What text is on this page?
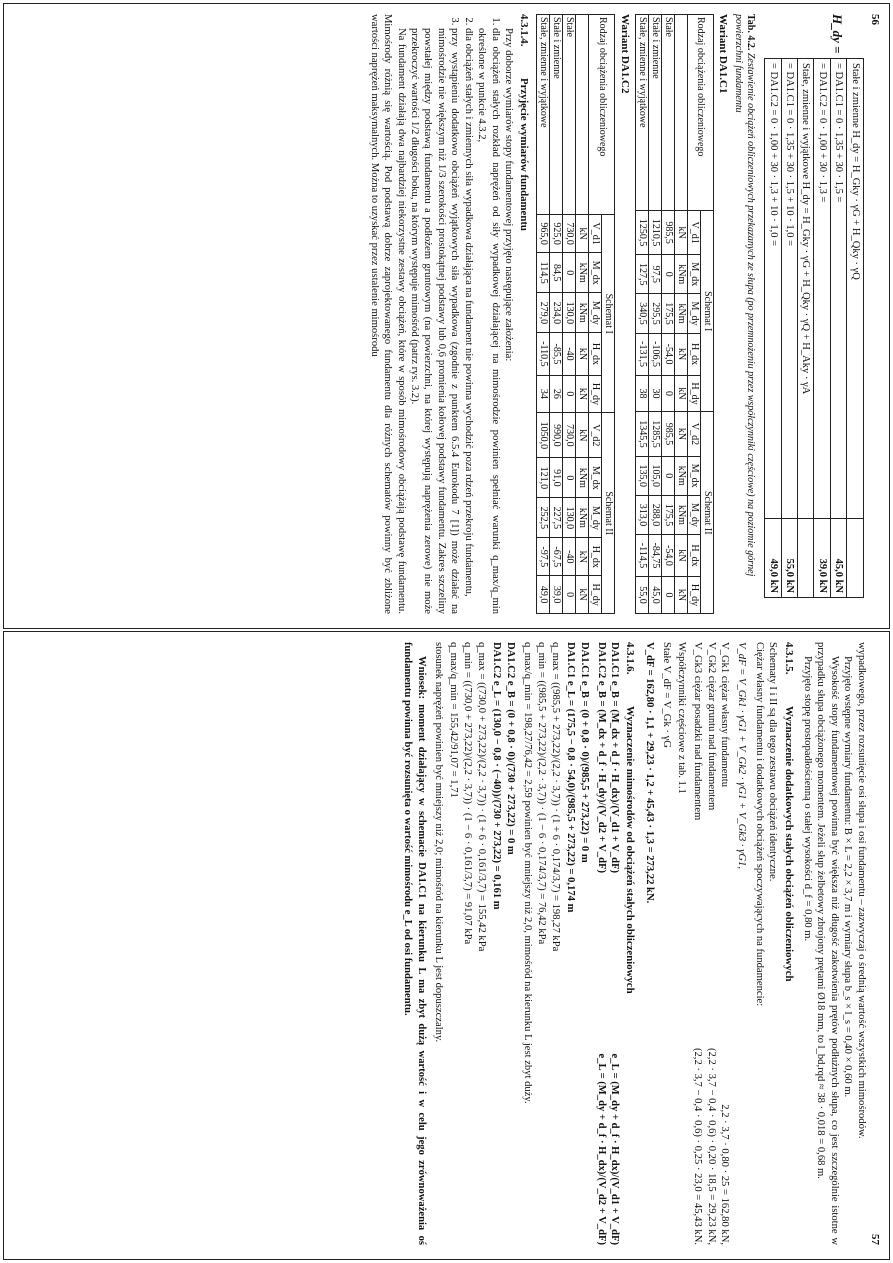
56
H_dy =
Stałe i zmienne H_dy = H_Gky · γG + H_Qky · γQ	
= DA1.C1 = 0 · 1,35 + 30 · 1,5 =	45,0 kN
= DA1.C2 = 0 · 1,00 + 30 · 1,3 =	39,0 kN
Stałe, zmienne i wyjątkowe H_dy = H_Gky · γG + H_Qky · γQ + H_Aky · γA	
= DA1.C1 = 0 · 1,35 + 30 · 1,5 + 10 · 1,0 =	55,0 kN
= DA1.C2 = 0 · 1,00 + 30 · 1,3 + 10 · 1,0 =	49,0 kN
Tab. 4.2. Zestawienie obciążeń obliczeniowych przekazanych ze słupa (po przemnożeniu przez współczynniki częściowe) na poziomie górnej powierzchni fundamentu
Wariant DA1.C1
Rodzaj obciążenia obliczeniowego	Schemat I					Schemat II				
	V_d1	M_dx	M_dy	H_dx	H_dy	V_d2	M_dx	M_dy	H_dx	H_dy
	kN	kNm	kNm	kN	kN	kN	kNm	kNm	kN	kN
Stałe	985,5	0	175,5	-54,0	0	985,5	0	175,5	-54,0	0
Stałe i zmienne	1210,5	97,5	295,5	-106,5	30	1285,5	105,0	288,0	-84,75	45,0
Stałe, zmienne i wyjątkowe	1250,5	127,5	340,5	-131,5	38	1345,5	135,0	313,0	-114,5	55,0
Wariant DA1.C2
Rodzaj obciążenia obliczeniowego	Schemat I					Schemat II				
	V_d1	M_dx	M_dy	H_dx	H_dy	V_d2	M_dx	M_dy	H_dx	H_dy
	kN	kNm	kNm	kN	kN	kN	kNm	kNm	kN	kN
Stałe	730,0	0	130,0	-40	0	730,0	0	130,0	-40	0
Stałe i zmienne	925,0	84,5	234,0	-85,5	26	990,0	91,0	227,5	-67,5	39,0
Stałe, zmienne i wyjątkowe	965,0	114,5	279,0	-110,5	34	1050,0	121,0	252,5	-97,5	49,0
4.3.1.4.Przyjęcie wymiarów fundamentu

Przy doborze wymiarów stopy fundamentowej przyjęto następujące założenia:

1. dla obciążeń stałych rozkład naprężeń od siły wypadkowej działającej na mimośrodzie powinien spełniać warunki q_max/q_min określone w punkcie 4.3.2,
2. dla obciążeń stałych i zmiennych siła wypadkowa działająca na fundament nie powinna wychodzić poza rdzeń przekroju fundamentu,
3. przy wystąpieniu dodatkowo obciążeń wyjątkowych siła wypadkowa (zgodnie z punktem 6.5.4 Eurokodu 7 [1]) może działać na mimośrodzie nie większym niż 1/3 szerokości prostokątnej podstawy lub 0,6 promienia kołowej podstawy fundamentu. Zakres szczeliny powstałej między podstawą fundamentu a podłożem gruntowym (na powierzchni, na której występują naprężenia zerowe) nie może przekroczyć wartości 1/2 długości boku, na którym występuje mimośród (patrz rys. 3.2).

Na fundament działają dwa najbardziej niekorzystne zestawy obciążeń, które w sposób mimośrodowy obciążają podstawę fundamentu. Mimośrody różnią się wartością. Pod podstawą dobrze zaprojektowanego fundamentu dla różnych schematów powinny być zbliżone wartości naprężeń maksymalnych. Można to uzyskać przez ustalenie mimośrodu

57

wypadkowego, przez rozsunięcie osi słupa i osi fundamentu – zazwyczaj o średnią wartość wszystkich mimośrodów.

Przyjęto wstępne wymiary fundamentu: B × L = 2,2 × 3,7 m i wymiary słupa b_s × l_s = 0,40 × 0,60 m.

Wysokość stopy fundamentowej powinna być większa niż długość zakotwienia prętów podłużnych słupa, co jest szczególnie istotne w przypadku słupa obciążonego momentem. Jeżeli słup żelbetowy zbrojony prętami Ø18 mm, to l_bd,rqd ≈ 38 · 0,018 = 0,68 m.

Przyjęto stopę prostopadłościenną o stałej wysokości d_f = 0,80 m.

4.3.1.5.Wyznaczenie dodatkowych stałych obciążeń obliczeniowych

Schematy I i II są dla tego zestawu obciążeń identyczne.

Ciężar własny fundamentu i dodatkowych obciążeń spoczywających na fundamencie:

V_dF = V_Gk1 · γG1 + V_Gk2 · γG1 + V_Gk3 · γG1,

V_Gk1 ciężar własny fundamentu
2,2 · 3,7 · 0,80 · 25 = 162,80 kN,
V_Gk2 ciężar gruntu nad fundamentem
(2,2 · 3,7 − 0,4 · 0,6) · 0,20 · 18,5 = 29,23 kN,
V_Gk3 ciężar posadzki nad fundamentem
(2,2 · 3,7 − 0,4 · 0,6) · 0,25 · 23,0 = 45,43 kN.

Współczynniki częściowe z tab. 1.1

Stałe V_dF = V_Gk · γG

V_dF = 162,80 · 1,1 + 29,23 · 1,2 + 45,43 · 1,3 = 273,22 kN.

4.3.1.6.Wyznaczenie mimośrodów od obciążeń stałych obliczeniowych
DA1.C1 e_B = (M_dx + d_f · H_dx)/(V_d1 + V_dF)
e_L = (M_dy + d_f · H_dx)/(V_d1 + V_dF)
DA1.C2 e_B = (M_dx + d_f · H_dy)/(V_d2 + V_dF)
e_L = (M_dy + d_f · H_dx)/(V_d2 + V_dF)

DA1.C1 e_B = (0 + 0,8 · 0)/(985,5 + 273,22) = 0 m

DA1.C1 e_L = (175,5 − 0,8 · 54,0)/(985,5 + 273,22) = 0,174 m

q_max = ((985,5 + 273,22)/(2,2 · 3,7)) · (1 + 6 · 0,174/3,7) = 198,27 kPa

q_min = ((985,5 + 273,22)/(2,2 · 3,7)) · (1 − 6 · 0,174/3,7) = 76,42 kPa

q_max/q_min = 198,27/76,42 = 2,59 powinien być mniejszy niż 2,0, mimośród na kierunku L jest zbyt duży.

DA1.C2 e_B = (0 + 0,8 · 0)/(730 + 273,22) = 0 m

DA1.C2 e_L = (130,0 − 0,8 · (−40))/(730 + 273,22) = 0,161 m

q_max = ((730,0 + 273,22)/(2,2 · 3,7)) · (1 + 6 · 0,161/3,7) = 155,42 kPa

q_min = ((730,0 + 273,22)/(2,2 · 3,7)) · (1 − 6 · 0,161/3,7) = 91,07 kPa

q_max/q_min = 155,42/91,07 = 1,71

stosunek naprężeń powinien być mniejszy niż 2,0; mimośród na kierunku L jest dopuszczalny.

Wniosek: moment działający w schemacie DA1.C1 na kierunku L ma zbyt dużą wartość i w celu jego zrównoważenia oś fundamentu powinna być rozsunięta o wartość mimośrodu e_L od osi fundamentu.
